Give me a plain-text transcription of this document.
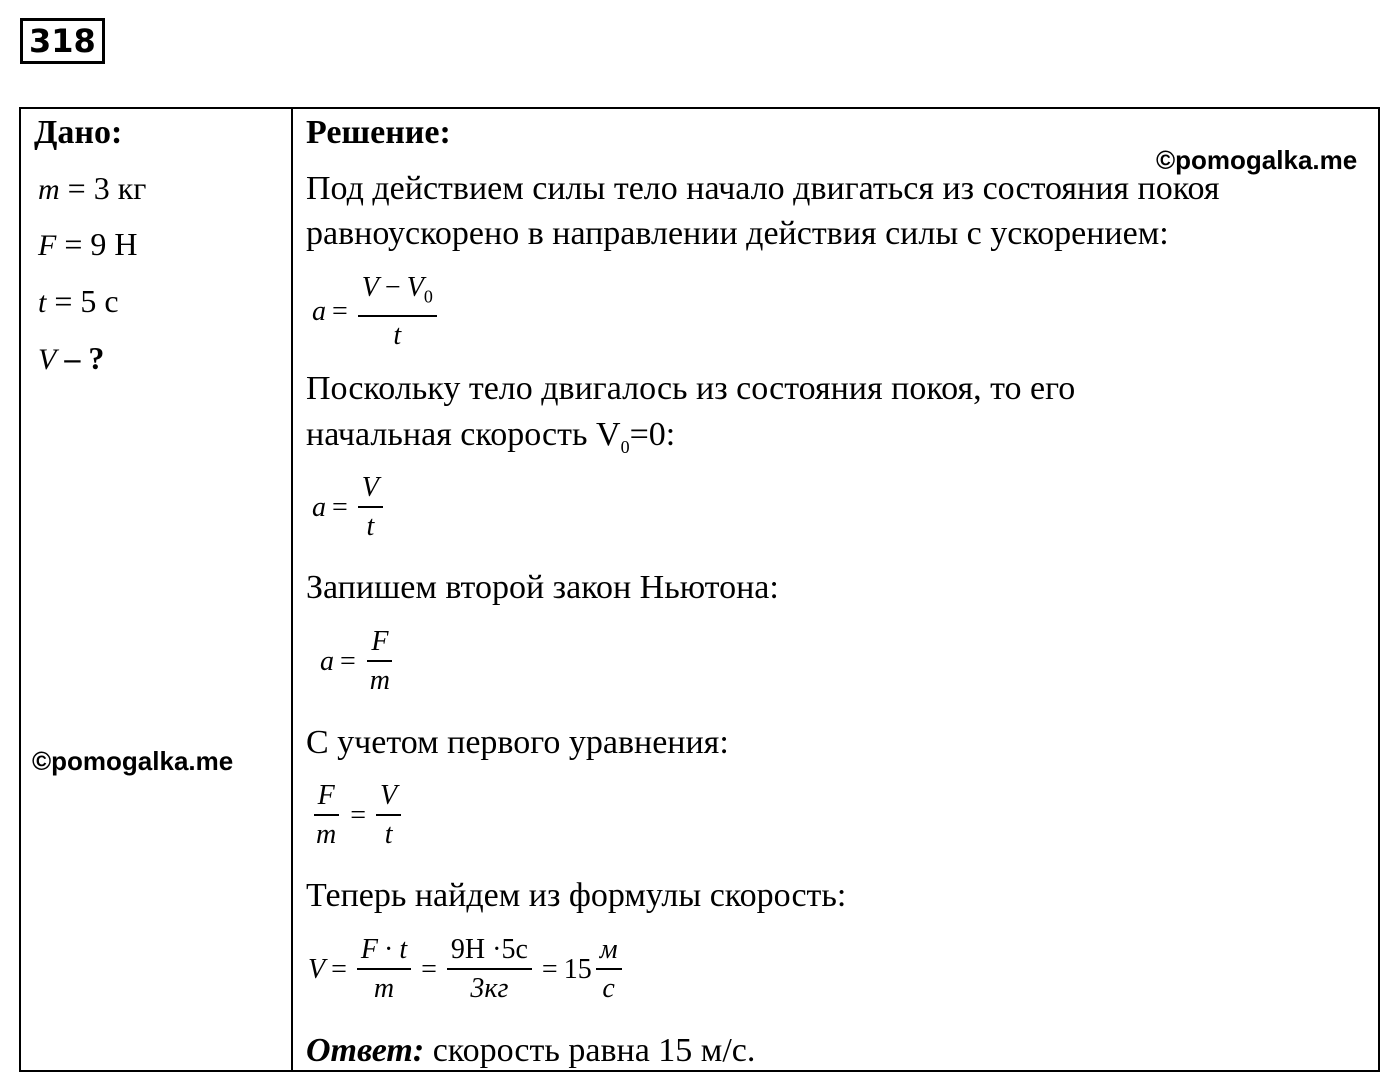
318
Дано:
m = 3 кг
F = 9 Н
t = 5 с
V – ?
©pomogalka.me
Решение:
©pomogalka.me
Под действием силы тело начало двигаться из состояния покоя
равноускорено в направлении действия силы с ускорением:
$a = \frac{V - V_0}{t}$
Поскольку тело двигалось из состояния покоя, то его
начальная скорость $V_0=0$:
$a = \frac{V}{t}$
Запишем второй закон Ньютона:
$a = \frac{F}{m}$
С учетом первого уравнения:
$\frac{F}{m} = \frac{V}{t}$
Теперь найдем из формулы скорость:
$V = \frac{F \cdot t}{m} = \frac{9Н \cdot 5с}{3кг} = 15 \frac{м}{с}$
Ответ: скорость равна 15 м/с.
